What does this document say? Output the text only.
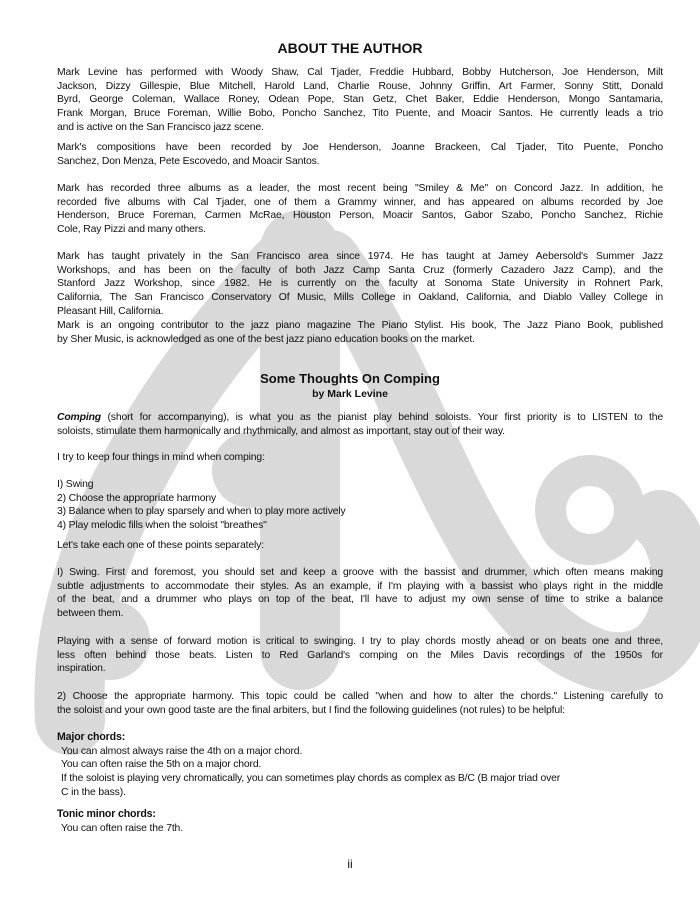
ABOUT THE AUTHOR
Some Thoughts On Comping
by Mark Levine
ii
Mark Levine has performed with Woody Shaw, Cal Tjader, Freddie Hubbard, Bobby Hutcherson, Joe Henderson, Milt
Jackson, Dizzy Gillespie, Blue Mitchell, Harold Land, Charlie Rouse, Johnny Griffin, Art Farmer, Sonny Stitt, Donald
Byrd, George Coleman, Wallace Roney, Odean Pope, Stan Getz, Chet Baker, Eddie Henderson, Mongo Santamaria,
Frank Morgan, Bruce Foreman, Willie Bobo, Poncho Sanchez, Tito Puente, and Moacir Santos. He currently leads a trio
and is active on the San Francisco jazz scene.
Mark's compositions have been recorded by Joe Henderson, Joanne Brackeen, Cal Tjader, Tito Puente, Poncho
Sanchez, Don Menza, Pete Escovedo, and Moacir Santos.
Mark has recorded three albums as a leader, the most recent being "Smiley & Me" on Concord Jazz. In addition, he
recorded five albums with Cal Tjader, one of them a Grammy winner, and has appeared on albums recorded by Joe
Henderson, Bruce Foreman, Carmen McRae, Houston Person, Moacir Santos, Gabor Szabo, Poncho Sanchez, Richie
Cole, Ray Pizzi and many others.
Mark has taught privately in the San Francisco area since 1974. He has taught at Jamey Aebersold's Summer Jazz
Workshops, and has been on the faculty of both Jazz Camp Santa Cruz (formerly Cazadero Jazz Camp), and the
Stanford Jazz Workshop, since 1982. He is currently on the faculty at Sonoma State University in Rohnert Park,
California, The San Francisco Conservatory Of Music, Mills College in Oakland, California, and Diablo Valley College in
Pleasant Hill, California.
Mark is an ongoing contributor to the jazz piano magazine The Piano Stylist. His book, The Jazz Piano Book, published
by Sher Music, is acknowledged as one of the best jazz piano education books on the market.
Comping (short for accompanying), is what you as the pianist play behind soloists. Your first priority is to LISTEN to the
soloists, stimulate them harmonically and rhythmically, and almost as important, stay out of their way.
I try to keep four things in mind when comping:
I) Swing
2) Choose the appropriate harmony
3) Balance when to play sparsely and when to play more actively
4) Play melodic fills when the soloist "breathes"
Let's take each one of these points separately:
I) Swing. First and foremost, you should set and keep a groove with the bassist and drummer, which often means making
subtle adjustments to accommodate their styles. As an example, if I'm playing with a bassist who plays right in the middle
of the beat, and a drummer who plays on top of the beat, I'll have to adjust my own sense of time to strike a balance
between them.
Playing with a sense of forward motion is critical to swinging. I try to play chords mostly ahead or on beats one and three,
less often behind those beats. Listen to Red Garland's comping on the Miles Davis recordings of the 1950s for
inspiration.
2) Choose the appropriate harmony. This topic could be called "when and how to alter the chords." Listening carefully to
the soloist and your own good taste are the final arbiters, but I find the following guidelines (not rules) to be helpful:
Major chords:
You can almost always raise the 4th on a major chord.
You can often raise the 5th on a major chord.
If the soloist is playing very chromatically, you can sometimes play chords as complex as B/C (B major triad over
C in the bass).
Tonic minor chords:
You can often raise the 7th.
